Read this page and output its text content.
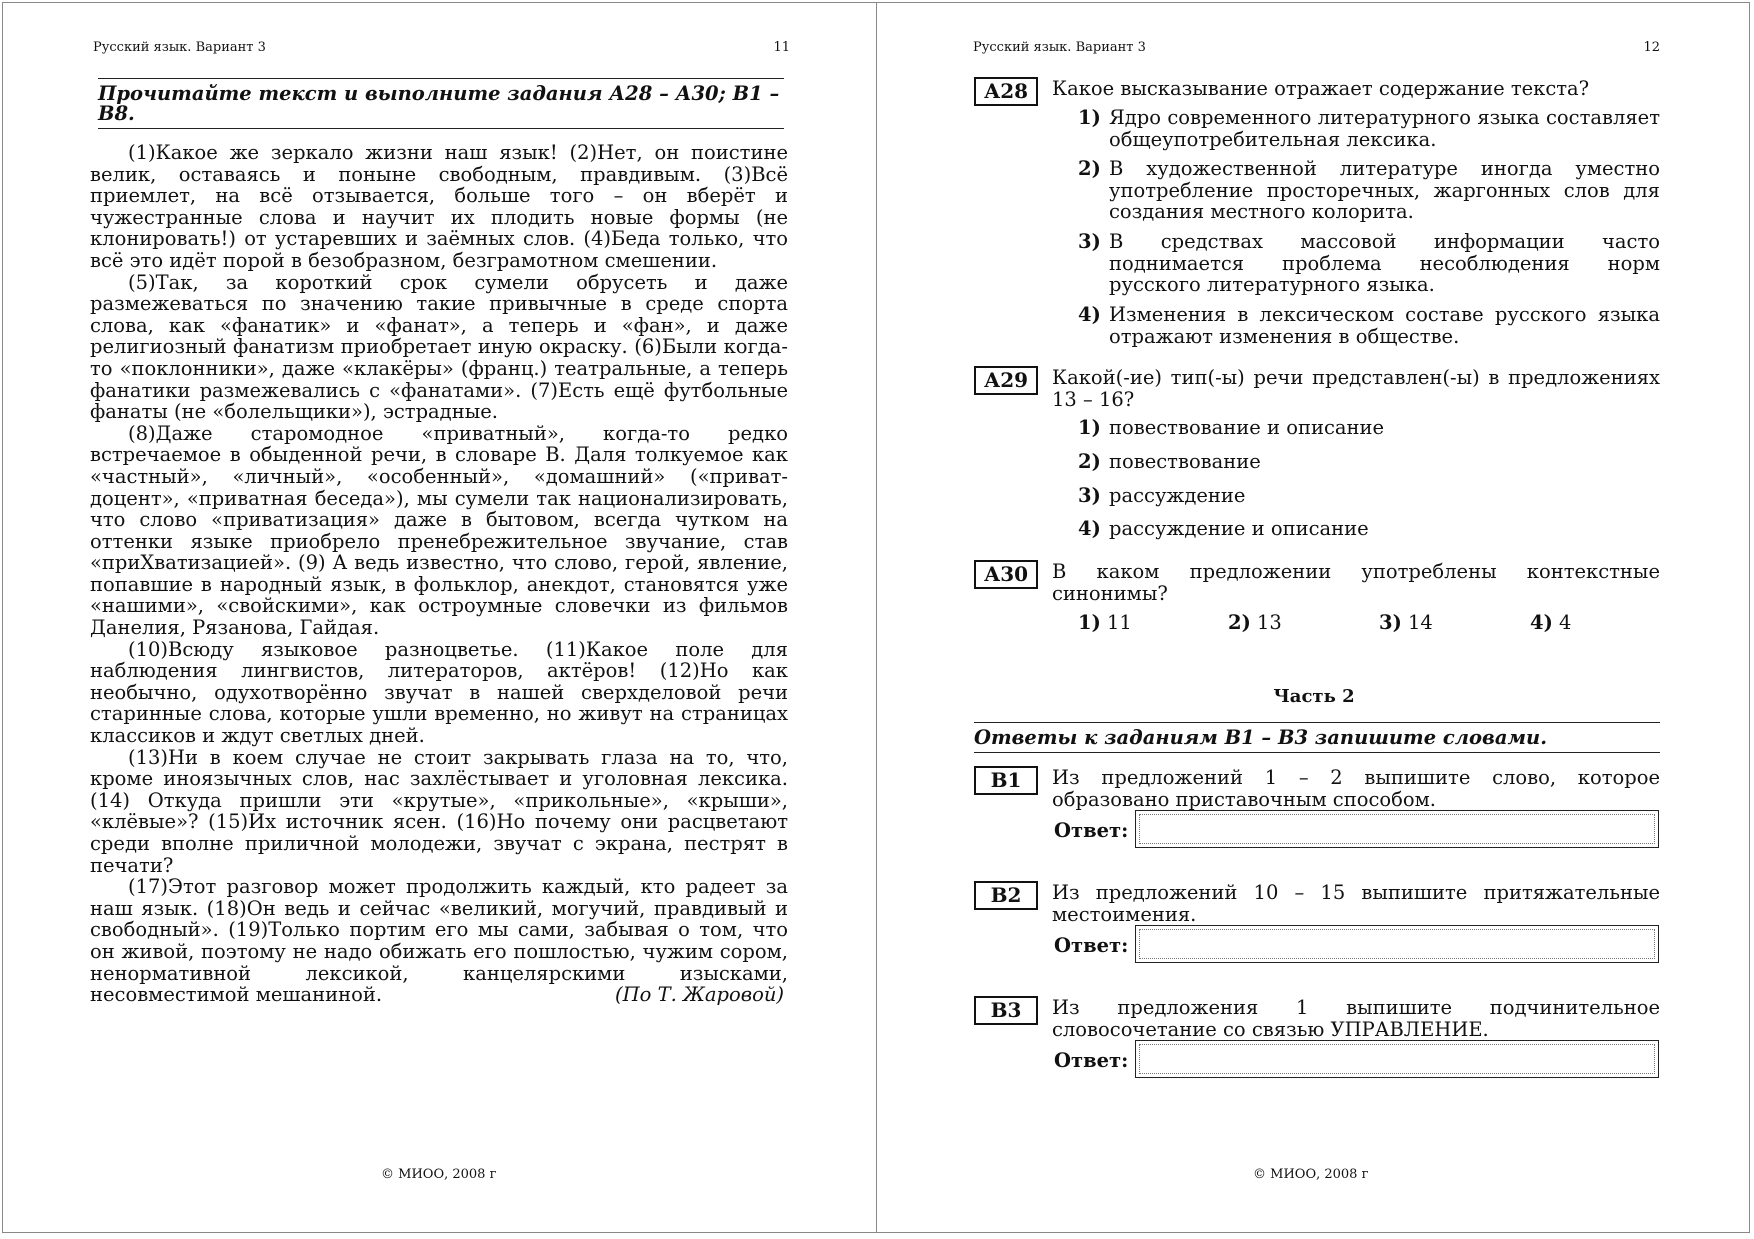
Русский язык. Вариант 3	11
Прочитайте текст и выполните задания А28 – А30; В1 – В8.

(1)Какое же зеркало жизни наш язык! (2)Нет, он поистине велик, оставаясь и поныне свободным, правдивым. (3)Всё приемлет, на всё отзывается, больше того – он вберёт и чужестранные слова и научит их плодить новые формы (не клонировать!) от устаревших и заёмных слов. (4)Беда только, что всё это идёт порой в безобразном, безграмотном смешении.

(5)Так, за короткий срок сумели обрусеть и даже размежеваться по значению такие привычные в среде спорта слова, как «фанатик» и «фанат», а теперь и «фан», и даже религиозный фанатизм приобретает иную окраску. (6)Были когда-то «поклонники», даже «клакёры» (франц.) театральные, а теперь фанатики размежевались с «фанатами». (7)Есть ещё футбольные фанаты (не «болельщики»), эстрадные.

(8)Даже старомодное «приватный», когда-то редко встречаемое в обыденной речи, в словаре В. Даля толкуемое как «частный», «личный», «особенный», «домашний» («приват-доцент», «приватная беседа»), мы сумели так национализировать, что слово «приватизация» даже в бытовом, всегда чутком на оттенки языке приобрело пренебрежительное звучание, став «приХватизацией». (9) А ведь известно, что слово, герой, явление, попавшие в народный язык, в фольклор, анекдот, становятся уже «нашими», «свойскими», как остроумные словечки из фильмов Данелия, Рязанова, Гайдая.

(10)Всюду языковое разноцветье. (11)Какое поле для наблюдения лингвистов, литераторов, актёров! (12)Но как необычно, одухотворённо звучат в нашей сверхделовой речи старинные слова, которые ушли временно, но живут на страницах классиков и ждут светлых дней.

(13)Ни в коем случае не стоит закрывать глаза на то, что, кроме иноязычных слов, нас захлёстывает и уголовная лексика. (14) Откуда пришли эти «крутые», «прикольные», «крыши», «клёвые»? (15)Их источник ясен. (16)Но почему они расцветают среди вполне приличной молодежи, звучат с экрана, пестрят в печати?

(17)Этот разговор может продолжить каждый, кто радеет за наш язык. (18)Он ведь и сейчас «великий, могучий, правдивый и свободный». (19)Только портим его мы сами, забывая о том, что он живой, поэтому не надо обижать его пошлостью, чужим сором, ненормативной лексикой, канцелярскими изысками, несовместимой мешаниной.	(По Т. Жаровой)
© МИОО, 2008 г
Русский язык. Вариант 3	12
А28	Какое высказывание отражает содержание текста?
1) Ядро современного литературного языка составляет общеупотребительная лексика.
2) В художественной литературе иногда уместно употребление просторечных, жаргонных слов для создания местного колорита.
3) В средствах массовой информации часто поднимается проблема несоблюдения норм русского литературного языка.
4) Изменения в лексическом составе русского языка отражают изменения в обществе.
А29	Какой(-ие) тип(-ы) речи представлен(-ы) в предложениях 13 – 16?
1) повествование и описание
2) повествование
3) рассуждение
4) рассуждение и описание
А30	В каком предложении употреблены контекстные синонимы?
1) 11	2) 13	3) 14	4) 4
Часть 2
Ответы к заданиям В1 – В3 запишите словами.
В1	Из предложений 1 – 2 выпишите слово, которое образовано приставочным способом.
Ответ:
В2	Из предложений 10 – 15 выпишите притяжательные местоимения.
Ответ:
В3	Из предложения 1 выпишите подчинительное словосочетание со связью УПРАВЛЕНИЕ.
Ответ:
© МИОО, 2008 г
